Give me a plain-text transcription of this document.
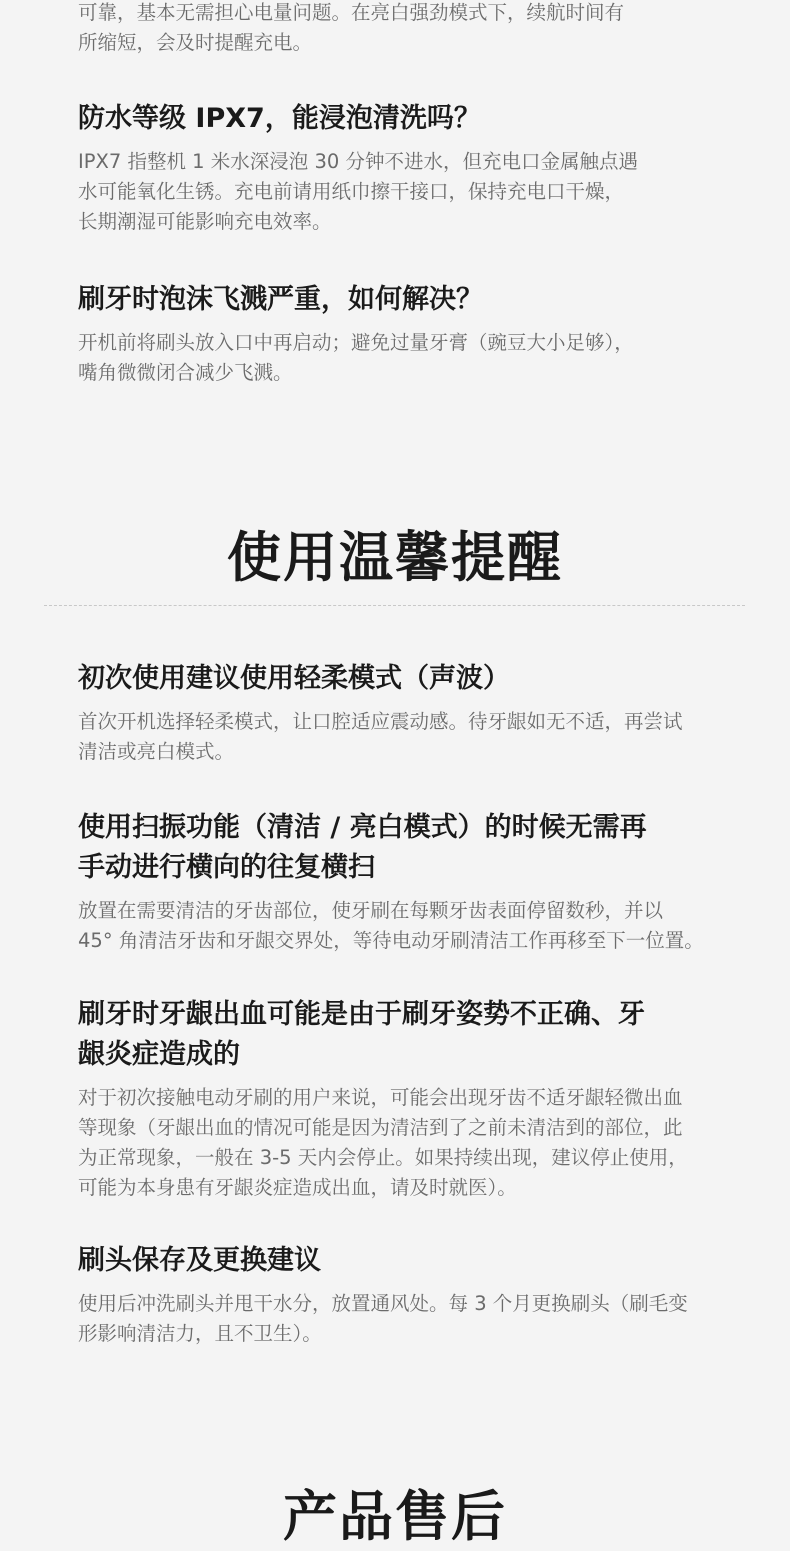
可靠，基本无需担心电量问题。在亮白强劲模式下，续航时间有
所缩短，会及时提醒充电。

防水等级 IPX7，能浸泡清洗吗？

IPX7 指整机 1 米水深浸泡 30 分钟不进水，但充电口金属触点遇
水可能氧化生锈。充电前请用纸巾擦干接口，保持充电口干燥，
长期潮湿可能影响充电效率。

刷牙时泡沫飞溅严重，如何解决？

开机前将刷头放入口中再启动；避免过量牙膏（豌豆大小足够），
嘴角微微闭合减少飞溅。

使用温馨提醒
初次使用建议使用轻柔模式（声波）

首次开机选择轻柔模式，让口腔适应震动感。待牙龈如无不适，再尝试
清洁或亮白模式。

使用扫振功能（清洁 / 亮白模式）的时候无需再
手动进行横向的往复横扫

放置在需要清洁的牙齿部位，使牙刷在每颗牙齿表面停留数秒，并以
45° 角清洁牙齿和牙龈交界处，等待电动牙刷清洁工作再移至下一位置。

刷牙时牙龈出血可能是由于刷牙姿势不正确、牙
龈炎症造成的

对于初次接触电动牙刷的用户来说，可能会出现牙齿不适牙龈轻微出血
等现象（牙龈出血的情况可能是因为清洁到了之前未清洁到的部位，此
为正常现象，一般在 3-5 天内会停止。如果持续出现，建议停止使用，
可能为本身患有牙龈炎症造成出血，请及时就医）。

刷头保存及更换建议

使用后冲洗刷头并甩干水分，放置通风处。每 3 个月更换刷头（刷毛变
形影响清洁力，且不卫生）。

产品售后
